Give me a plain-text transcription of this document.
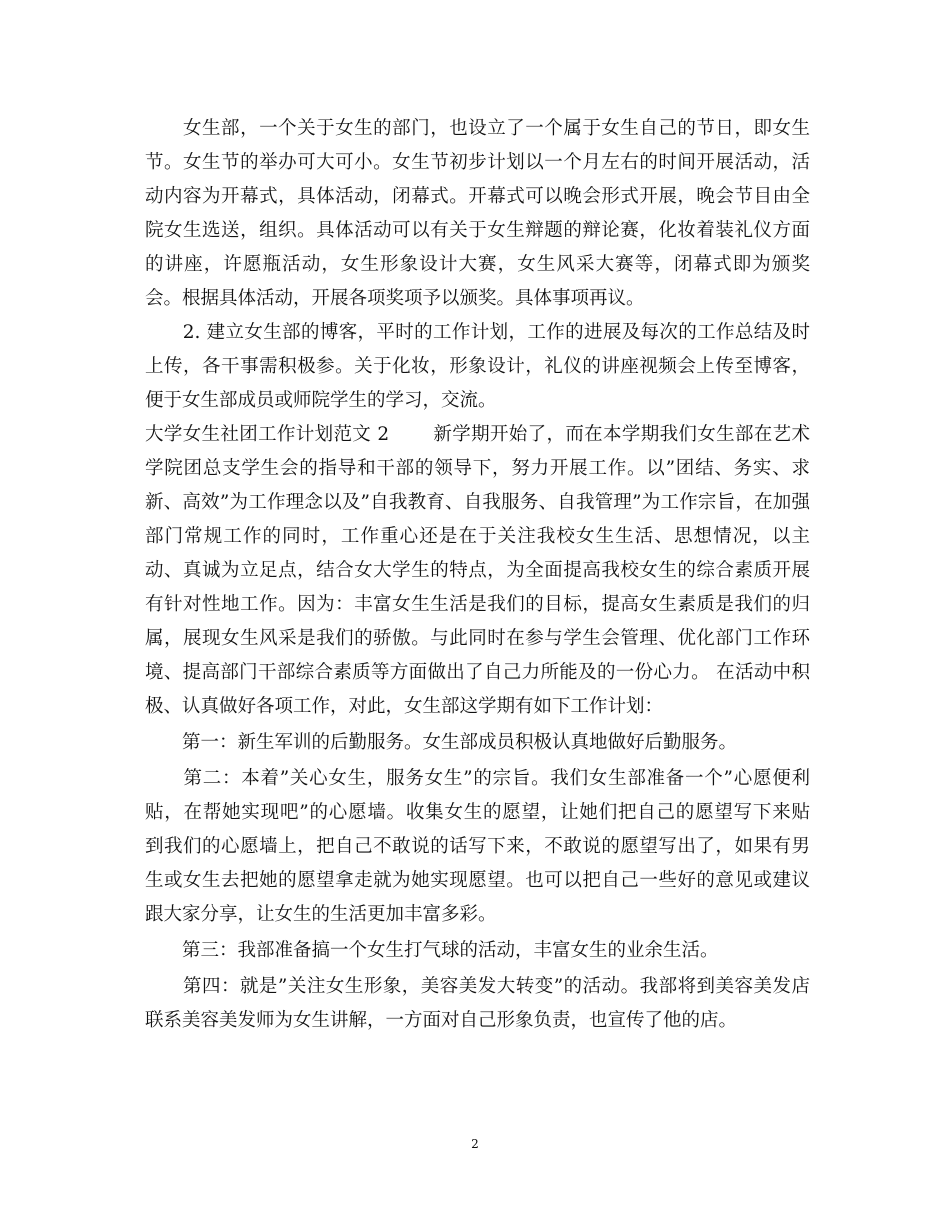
　　女生部，一个关于女生的部门，也设立了一个属于女生自己的节日，即女生
节。女生节的举办可大可小。女生节初步计划以一个月左右的时间开展活动，活
动内容为开幕式，具体活动，闭幕式。开幕式可以晚会形式开展，晚会节目由全
院女生选送，组织。具体活动可以有关于女生辩题的辩论赛，化妆着装礼仪方面
的讲座，许愿瓶活动，女生形象设计大赛，女生风采大赛等，闭幕式即为颁奖
会。根据具体活动，开展各项奖项予以颁奖。具体事项再议。
　　2. 建立女生部的博客，平时的工作计划，工作的进展及每次的工作总结及时
上传，各干事需积极参。关于化妆，形象设计，礼仪的讲座视频会上传至博客，
便于女生部成员或师院学生的学习，交流。
大学女生社团工作计划范文 2　　 新学期开始了，而在本学期我们女生部在艺术
学院团总支学生会的指导和干部的领导下，努力开展工作。以”团结、务实、求
新、高效”为工作理念以及”自我教育、自我服务、自我管理”为工作宗旨，在加强
部门常规工作的同时，工作重心还是在于关注我校女生生活、思想情况，以主
动、真诚为立足点，结合女大学生的特点，为全面提高我校女生的综合素质开展
有针对性地工作。因为：丰富女生生活是我们的目标，提高女生素质是我们的归
属，展现女生风采是我们的骄傲。与此同时在参与学生会管理、优化部门工作环
境、提高部门干部综合素质等方面做出了自己力所能及的一份心力。 在活动中积
极、认真做好各项工作，对此，女生部这学期有如下工作计划：
　　第一：新生军训的后勤服务。女生部成员积极认真地做好后勤服务。
　　第二：本着”关心女生，服务女生”的宗旨。我们女生部准备一个”心愿便利
贴，在帮她实现吧”的心愿墙。收集女生的愿望，让她们把自己的愿望写下来贴
到我们的心愿墙上，把自己不敢说的话写下来，不敢说的愿望写出了，如果有男
生或女生去把她的愿望拿走就为她实现愿望。也可以把自己一些好的意见或建议
跟大家分享，让女生的生活更加丰富多彩。
　　第三：我部准备搞一个女生打气球的活动，丰富女生的业余生活。
　　第四：就是”关注女生形象，美容美发大转变”的活动。我部将到美容美发店
联系美容美发师为女生讲解，一方面对自己形象负责，也宣传了他的店。
2
